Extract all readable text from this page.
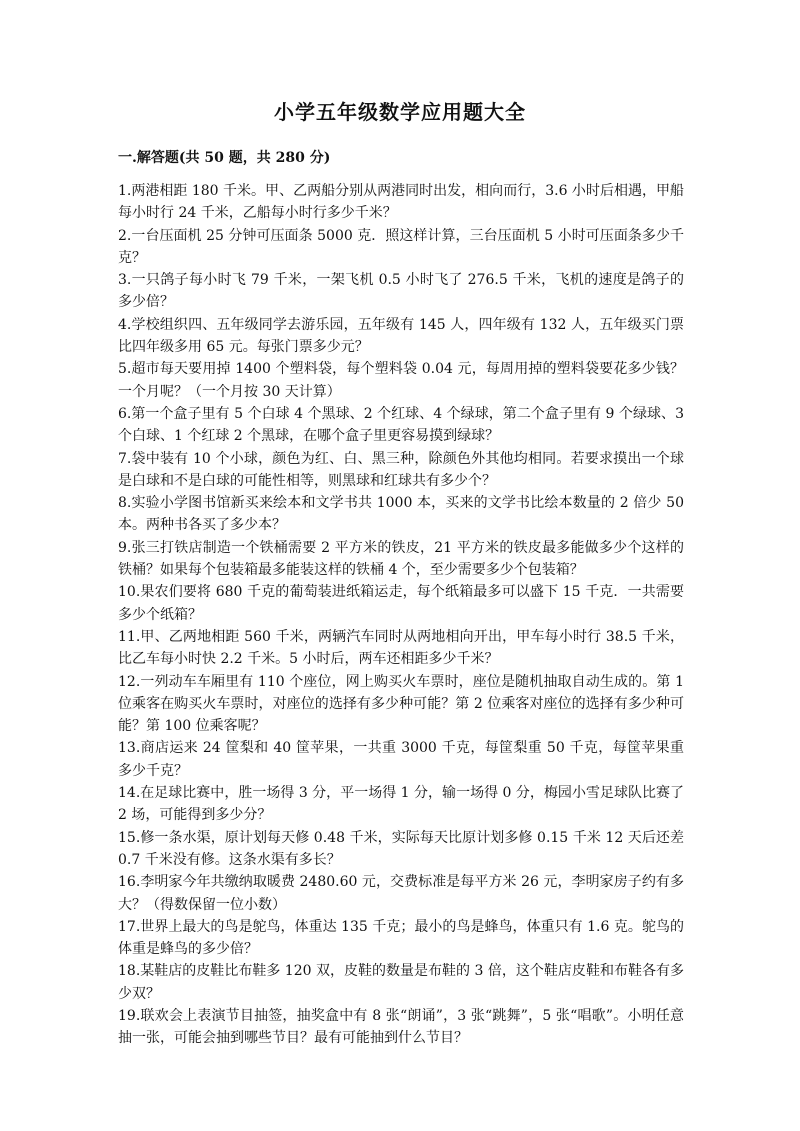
小学五年级数学应用题大全
一.解答题(共 50 题，共 280 分)

1.两港相距 180 千米。甲、乙两船分别从两港同时出发，相向而行，3.6 小时后相遇，甲船每小时行 24 千米，乙船每小时行多少千米？

2.一台压面机 25 分钟可压面条 5000 克．照这样计算，三台压面机 5 小时可压面条多少千克？

3.一只鸽子每小时飞 79 千米，一架飞机 0.5 小时飞了 276.5 千米，飞机的速度是鸽子的多少倍？

4.学校组织四、五年级同学去游乐园，五年级有 145 人，四年级有 132 人，五年级买门票比四年级多用 65 元。每张门票多少元？

5.超市每天要用掉 1400 个塑料袋，每个塑料袋 0.04 元，每周用掉的塑料袋要花多少钱？一个月呢？（一个月按 30 天计算）

6.第一个盒子里有 5 个白球 4 个黑球、2 个红球、4 个绿球，第二个盒子里有 9 个绿球、3 个白球、1 个红球 2 个黑球，在哪个盒子里更容易摸到绿球？

7.袋中装有 10 个小球，颜色为红、白、黑三种，除颜色外其他均相同。若要求摸出一个球是白球和不是白球的可能性相等，则黑球和红球共有多少个？

8.实验小学图书馆新买来绘本和文学书共 1000 本，买来的文学书比绘本数量的 2 倍少 50 本。两种书各买了多少本？

9.张三打铁店制造一个铁桶需要 2 平方米的铁皮，21 平方米的铁皮最多能做多少个这样的铁桶？如果每个包装箱最多能装这样的铁桶 4 个，至少需要多少个包装箱？

10.果农们要将 680 千克的葡萄装进纸箱运走，每个纸箱最多可以盛下 15 千克．一共需要多少个纸箱？

11.甲、乙两地相距 560 千米，两辆汽车同时从两地相向开出，甲车每小时行 38.5 千米，比乙车每小时快 2.2 千米。5 小时后，两车还相距多少千米？

12.一列动车车厢里有 110 个座位，网上购买火车票时，座位是随机抽取自动生成的。第 1 位乘客在购买火车票时，对座位的选择有多少种可能？第 2 位乘客对座位的选择有多少种可能？第 100 位乘客呢？

13.商店运来 24 筐梨和 40 筐苹果，一共重 3000 千克，每筐梨重 50 千克，每筐苹果重多少千克？

14.在足球比赛中，胜一场得 3 分，平一场得 1 分，输一场得 0 分，梅园小雪足球队比赛了 2 场，可能得到多少分？

15.修一条水渠，原计划每天修 0.48 千米，实际每天比原计划多修 0.15 千米 12 天后还差 0.7 千米没有修。这条水渠有多长？

16.李明家今年共缴纳取暖费 2480.60 元，交费标准是每平方米 26 元，李明家房子约有多大？（得数保留一位小数）

17.世界上最大的鸟是鸵鸟，体重达 135 千克；最小的鸟是蜂鸟，体重只有 1.6 克。鸵鸟的体重是蜂鸟的多少倍？

18.某鞋店的皮鞋比布鞋多 120 双，皮鞋的数量是布鞋的 3 倍，这个鞋店皮鞋和布鞋各有多少双？

19.联欢会上表演节目抽签，抽奖盒中有 8 张“朗诵”，3 张“跳舞”，5 张“唱歌”。小明任意抽一张，可能会抽到哪些节目？最有可能抽到什么节目？
